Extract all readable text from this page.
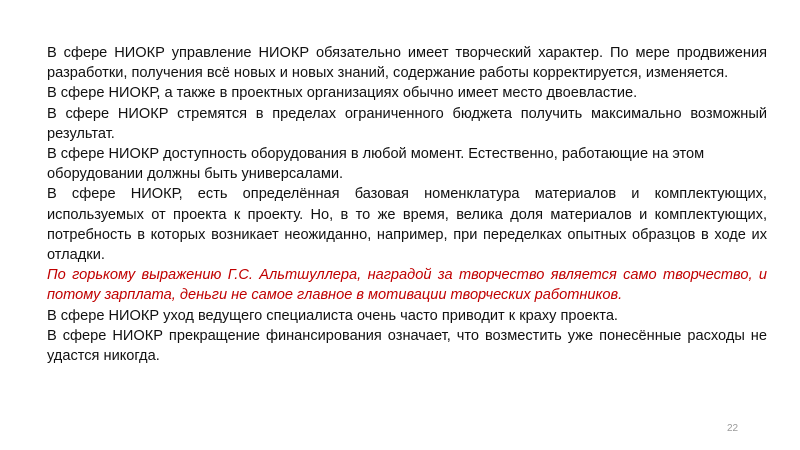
В сфере НИОКР управление НИОКР обязательно имеет творческий характер. По мере продвижения разработки, получения всё новых и новых знаний, содержание работы корректируется, изменяется.

В сфере НИОКР, а также в проектных организациях обычно имеет место двоевластие.

В сфере НИОКР стремятся в пределах ограниченного бюджета получить максимально возможный результат.

В сфере НИОКР доступность оборудования в любой момент. Естественно, работающие на этом оборудовании должны быть универсалами.

В сфере НИОКР, есть определённая базовая номенклатура материалов и комплектующих, используемых от проекта к проекту. Но, в то же время, велика доля материалов и комплектующих, потребность в которых возникает неожиданно, например, при переделках опытных образцов в ходе их отладки.

По горькому выражению Г.С. Альтшуллера, наградой за творчество является само творчество, и потому зарплата, деньги не самое главное в мотивации творческих работников.

В сфере НИОКР уход ведущего специалиста очень часто приводит к краху проекта.

В сфере НИОКР прекращение финансирования означает, что возместить уже понесённые расходы не удастся никогда.

22
